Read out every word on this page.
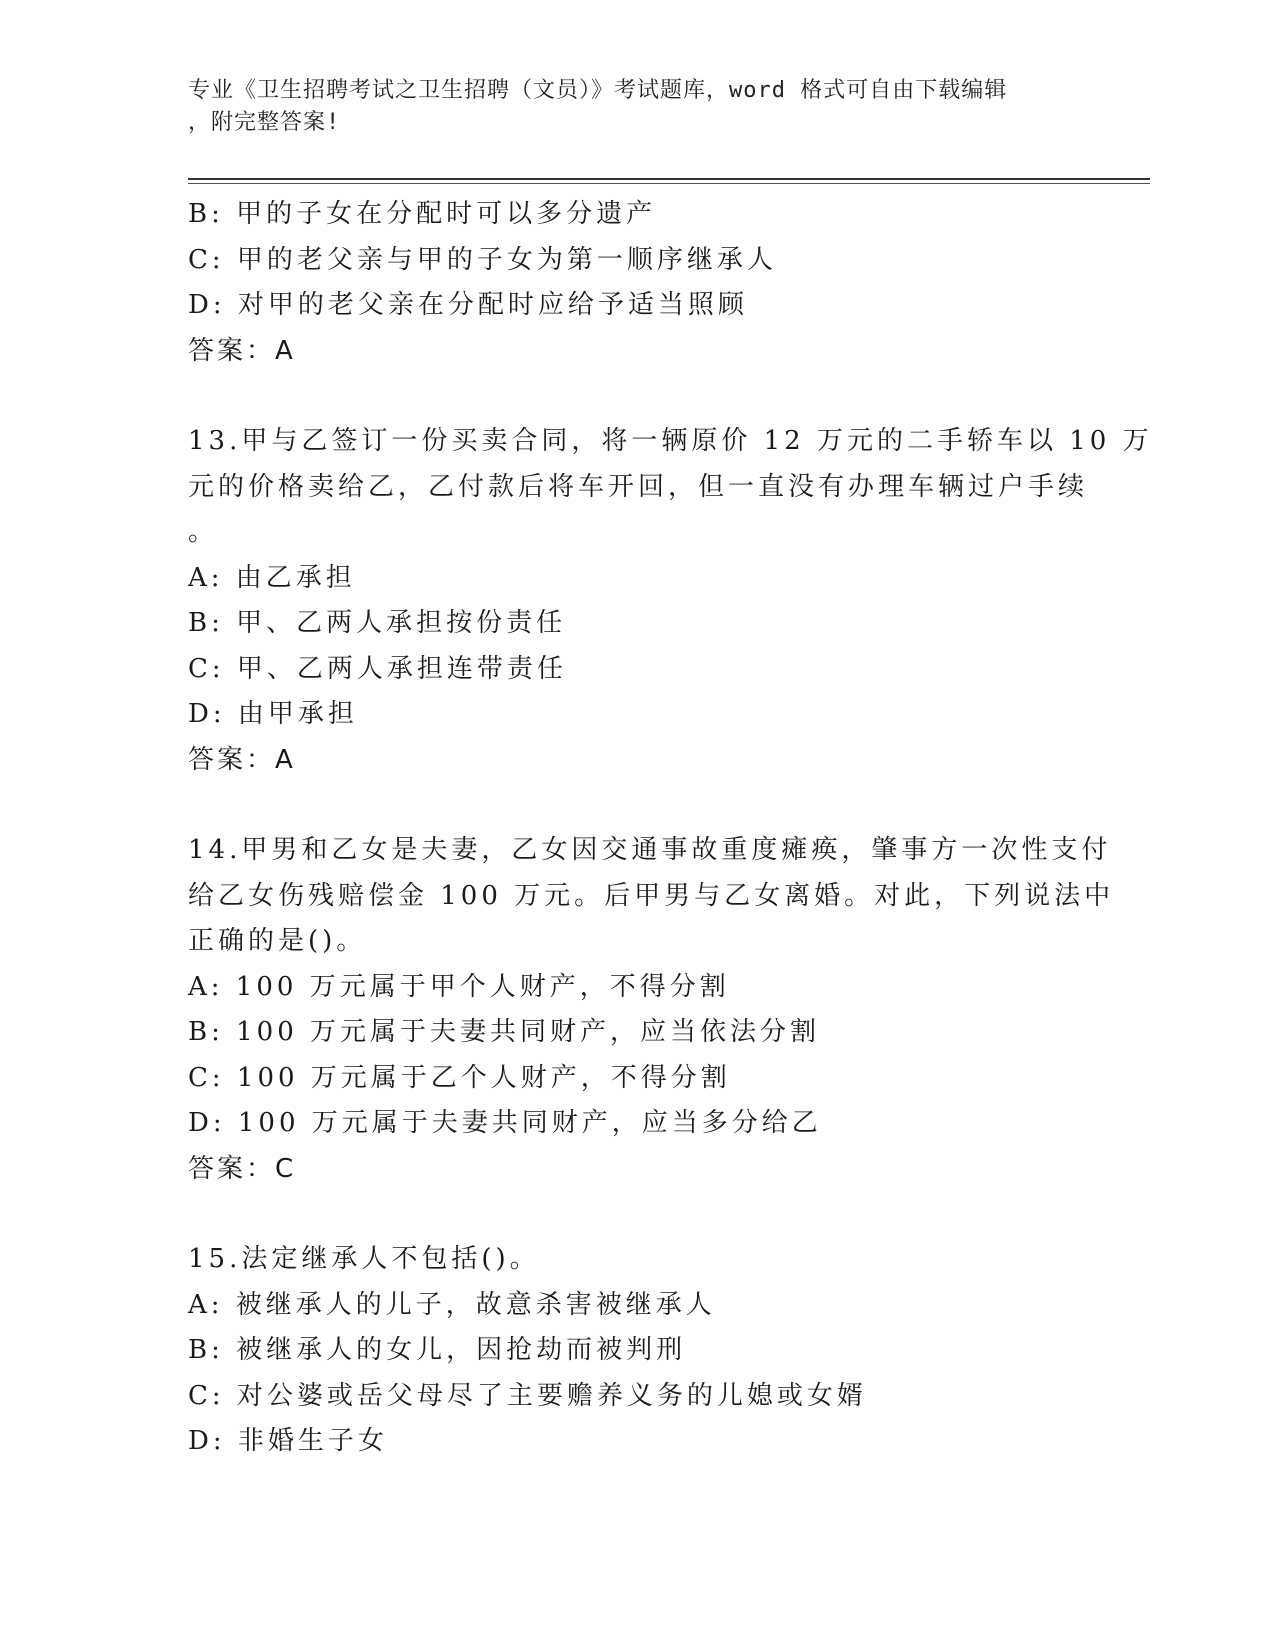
专业《卫生招聘考试之卫生招聘（文员）》考试题库，word 格式可自由下载编辑
，附完整答案!
B: 甲的子女在分配时可以多分遗产
C: 甲的老父亲与甲的子女为第一顺序继承人
D: 对甲的老父亲在分配时应给予适当照顾
答案：A
13.甲与乙签订一份买卖合同，将一辆原价 12 万元的二手轿车以 10 万
元的价格卖给乙，乙付款后将车开回，但一直没有办理车辆过户手续
。
A: 由乙承担
B: 甲、乙两人承担按份责任
C: 甲、乙两人承担连带责任
D: 由甲承担
答案：A
14.甲男和乙女是夫妻，乙女因交通事故重度瘫痪，肇事方一次性支付
给乙女伤残赔偿金 100 万元。后甲男与乙女离婚。对此，下列说法中
正确的是()。
A: 100 万元属于甲个人财产，不得分割
B: 100 万元属于夫妻共同财产，应当依法分割
C: 100 万元属于乙个人财产，不得分割
D: 100 万元属于夫妻共同财产，应当多分给乙
答案：C
15.法定继承人不包括()。
A: 被继承人的儿子，故意杀害被继承人
B: 被继承人的女儿，因抢劫而被判刑
C: 对公婆或岳父母尽了主要赡养义务的儿媳或女婿
D: 非婚生子女
